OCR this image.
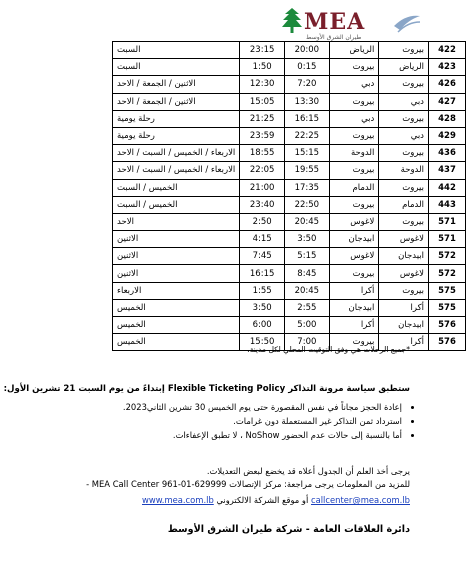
MEA
طيران الشرق الأوسط
السبت	23:15	20:00	الرياض	بيروت	422
السبت	1:50	0:15	بيروت	الرياض	423
الاثنين / الجمعة / الاحد	12:30	7:20	دبي	بيروت	426
الاثنين / الجمعة / الاحد	15:05	13:30	بيروت	دبي	427
رحلة يومية	21:25	16:15	دبي	بيروت	428
رحلة يومية	23:59	22:25	بيروت	دبي	429
الاربعاء / الخميس / السبت / الاحد	18:55	15:15	الدوحة	بيروت	436
الاربعاء / الخميس / السبت / الاحد	22:05	19:55	بيروت	الدوحة	437
الخميس / السبت	21:00	17:35	الدمام	بيروت	442
الخميس / السبت	23:40	22:50	بيروت	الدمام	443
الاحد	2:50	20:45	لاغوس	بيروت	571
الاثنين	4:15	3:50	ابيدجان	لاغوس	571
الاثنين	7:45	5:15	لاغوس	ابيدجان	572
الاثنين	16:15	8:45	بيروت	لاغوس	572
الاربعاء	1:55	20:45	أكرا	بيروت	575
الخميس	3:50	2:55	ابيدجان	أكرا	575
الخميس	6:00	5:00	أكرا	ابيدجان	576
الخميس	15:50	7:00	بيروت	أكرا	576
*جميع الرحلات هي وفق التوقيت المحلي لكل مدينة.
ستطبق سياسة مرونة التذاكر Flexible Ticketing Policy إبتداءً من يوم السبت 21 تشرين الأول:
• إعادة الحجز مجاناً في نفس المقصورة حتى يوم الخميس 30 تشرين الثاني2023.
• استرداد ثمن التذاكر غير المستعملة دون غرامات.
• أما بالنسبة إلى حالات عدم الحضور NoShow ، لا تطبق الإعفاءات.
يرجى أخذ العلم أن الجدول أعلاه قد يخضع لبعض التعديلات.
للمزيد من المعلومات يرجى مراجعة: مركز الإتصالات MEA Call Center 961-01-629999 -
callcenter@mea.com.lb أو موقع الشركة الالكتروني www.mea.com.lb
دائرة العلاقات العامة - شركة طيران الشرق الأوسط
